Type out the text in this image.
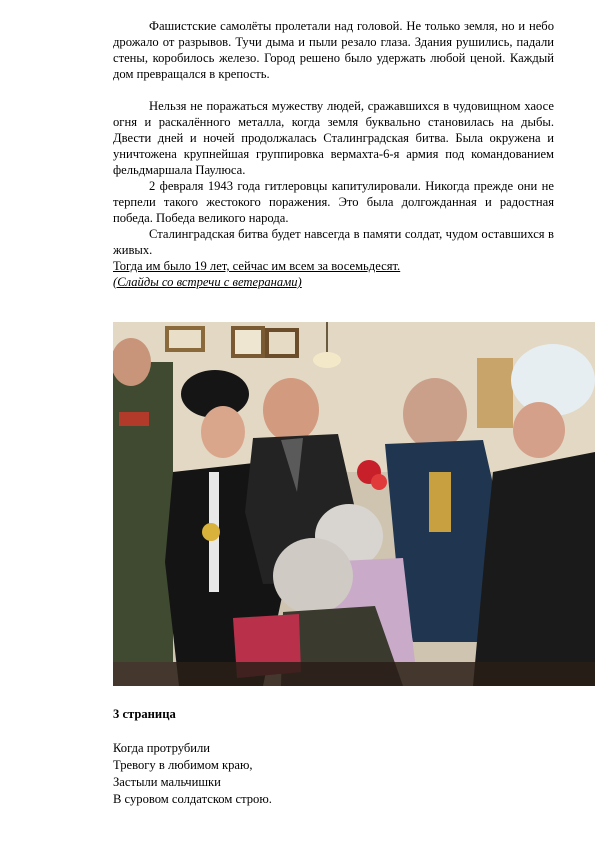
Фашистские самолёты пролетали над головой. Не только земля, но и небо дрожало от разрывов. Тучи дыма и пыли резало глаза. Здания рушились, падали стены, коробилось железо. Город решено было удержать любой ценой. Каждый дом превращался в крепость.

Нельзя не поражаться мужеству людей, сражавшихся в чудовищном хаосе огня и раскалённого металла, когда земля буквально становилась на дыбы. Двести дней и ночей продолжалась Сталинградская битва. Была окружена и уничтожена крупнейшая группировка вермахта-6-я армия под командованием фельдмаршала Паулюса.

2 февраля 1943 года гитлеровцы капитулировали. Никогда прежде они не терпели такого жестокого поражения. Это была долгожданная и радостная победа. Победа великого народа.

Сталинградская битва будет навсегда в памяти солдат, чудом оставшихся в живых.

Тогда им было 19 лет, сейчас им всем за восемьдесят.

(Слайды со встречи с ветеранами)

3 страница

Когда протрубили

Тревогу в любимом краю,

Застыли мальчишки

В суровом солдатском строю.
